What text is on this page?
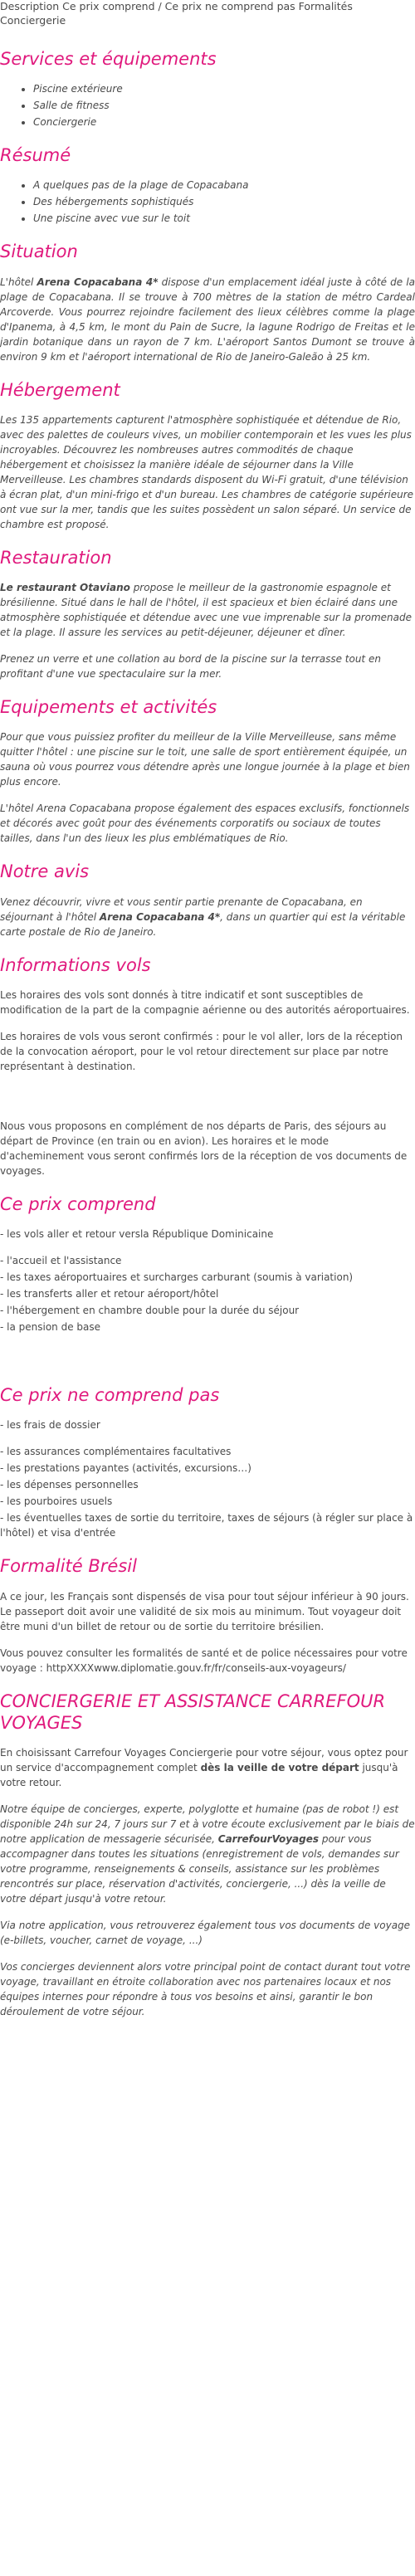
Description Ce prix comprend / Ce prix ne comprend pas Formalités Conciergerie
Services et équipements
• Piscine extérieure
• Salle de fitness
• Conciergerie
Résumé
• A quelques pas de la plage de Copacabana
• Des hébergements sophistiqués
• Une piscine avec vue sur le toit
Situation

L'hôtel Arena Copacabana 4* dispose d'un emplacement idéal juste à côté de la plage de Copacabana. Il se trouve à 700 mètres de la station de métro Cardeal Arcoverde. Vous pourrez rejoindre facilement des lieux célèbres comme la plage d'Ipanema, à 4,5 km, le mont du Pain de Sucre, la lagune Rodrigo de Freitas et le jardin botanique dans un rayon de 7 km. L'aéroport Santos Dumont se trouve à environ 9 km et l'aéroport international de Rio de Janeiro-Galeão à 25 km.

Hébergement

Les 135 appartements capturent l'atmosphère sophistiquée et détendue de Rio, avec des palettes de couleurs vives, un mobilier contemporain et les vues les plus incroyables. Découvrez les nombreuses autres commodités de chaque hébergement et choisissez la manière idéale de séjourner dans la Ville Merveilleuse. Les chambres standards disposent du Wi-Fi gratuit, d'une télévision à écran plat, d'un mini-frigo et d'un bureau. Les chambres de catégorie supérieure ont vue sur la mer, tandis que les suites possèdent un salon séparé. Un service de chambre est proposé.

Restauration

Le restaurant Otaviano propose le meilleur de la gastronomie espagnole et brésilienne. Situé dans le hall de l'hôtel, il est spacieux et bien éclairé dans une atmosphère sophistiquée et détendue avec une vue imprenable sur la promenade et la plage. Il assure les services au petit-déjeuner, déjeuner et dîner.

Prenez un verre et une collation au bord de la piscine sur la terrasse tout en profitant d'une vue spectaculaire sur la mer.

Equipements et activités

Pour que vous puissiez profiter du meilleur de la Ville Merveilleuse, sans même quitter l'hôtel : une piscine sur le toit, une salle de sport entièrement équipée, un sauna où vous pourrez vous détendre après une longue journée à la plage et bien plus encore.

L'hôtel Arena Copacabana propose également des espaces exclusifs, fonctionnels et décorés avec goût pour des événements corporatifs ou sociaux de toutes tailles, dans l'un des lieux les plus emblématiques de Rio.

Notre avis

Venez découvrir, vivre et vous sentir partie prenante de Copacabana, en séjournant à l'hôtel Arena Copacabana 4*, dans un quartier qui est la véritable carte postale de Rio de Janeiro.

Informations vols

Les horaires des vols sont donnés à titre indicatif et sont susceptibles de modification de la part de la compagnie aérienne ou des autorités aéroportuaires.

Les horaires de vols vous seront confirmés : pour le vol aller, lors de la réception de la convocation aéroport, pour le vol retour directement sur place par notre représentant à destination.

Nous vous proposons en complément de nos départs de Paris, des séjours au départ de Province (en train ou en avion). Les horaires et le mode d'acheminement vous seront confirmés lors de la réception de vos documents de voyages.

Ce prix comprend
- les vols aller et retour versla République Dominicaine
- l'accueil et l'assistance
- les taxes aéroportuaires et surcharges carburant (soumis à variation)
- les transferts aller et retour aéroport/hôtel
- l'hébergement en chambre double pour la durée du séjour
- la pension de base
Ce prix ne comprend pas
- les frais de dossier
- les assurances complémentaires facultatives
- les prestations payantes (activités, excursions…)
- les dépenses personnelles
- les pourboires usuels
- les éventuelles taxes de sortie du territoire, taxes de séjours (à régler sur place à l'hôtel) et visa d'entrée
Formalité Brésil

A ce jour, les Français sont dispensés de visa pour tout séjour inférieur à 90 jours. Le passeport doit avoir une validité de six mois au minimum. Tout voyageur doit être muni d'un billet de retour ou de sortie du territoire brésilien.

Vous pouvez consulter les formalités de santé et de police nécessaires pour votre voyage : httpXXXXwww.diplomatie.gouv.fr/fr/conseils-aux-voyageurs/

CONCIERGERIE ET ASSISTANCE CARREFOUR VOYAGES

En choisissant Carrefour Voyages Conciergerie pour votre séjour, vous optez pour un service d'accompagnement complet dès la veille de votre départ jusqu'à votre retour.

Notre équipe de concierges, experte, polyglotte et humaine (pas de robot !) est disponible 24h sur 24, 7 jours sur 7 et à votre écoute exclusivement par le biais de notre application de messagerie sécurisée, CarrefourVoyages pour vous accompagner dans toutes les situations (enregistrement de vols, demandes sur votre programme, renseignements & conseils, assistance sur les problèmes rencontrés sur place, réservation d'activités, conciergerie, ...) dès la veille de votre départ jusqu'à votre retour.

Via notre application, vous retrouverez également tous vos documents de voyage (e-billets, voucher, carnet de voyage, ...)

Vos concierges deviennent alors votre principal point de contact durant tout votre voyage, travaillant en étroite collaboration avec nos partenaires locaux et nos équipes internes pour répondre à tous vos besoins et ainsi, garantir le bon déroulement de votre séjour.
